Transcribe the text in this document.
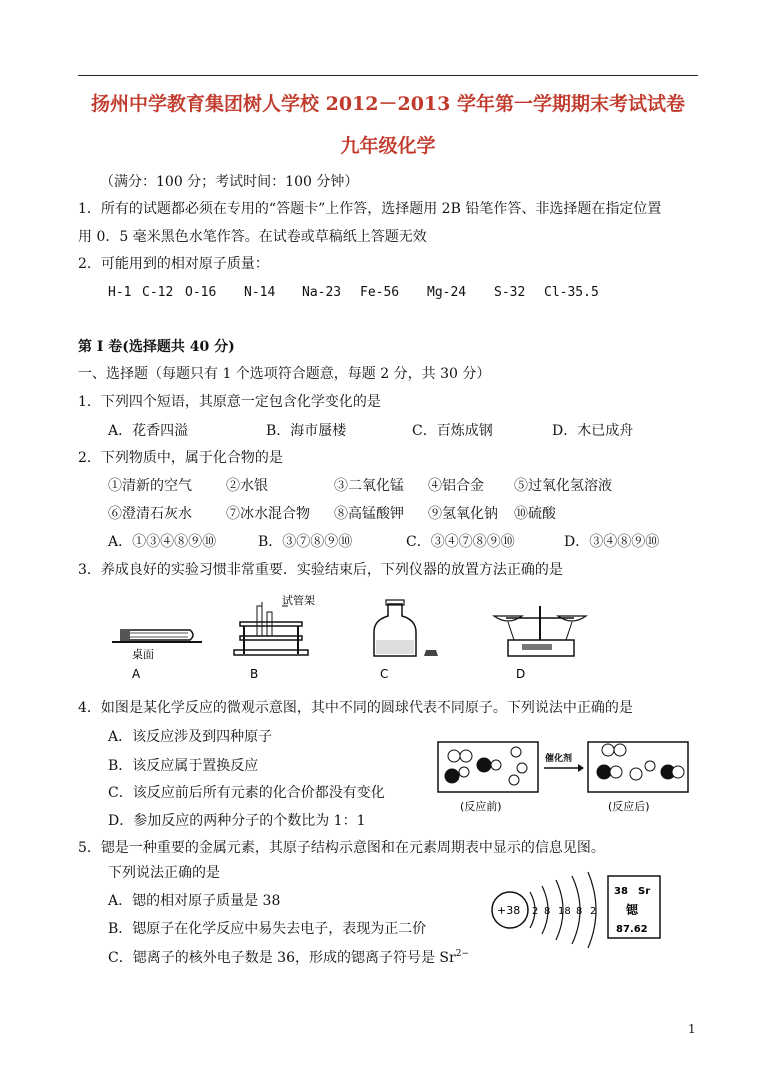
扬州中学教育集团树人学校 2012－2013 学年第一学期期末考试试卷
九年级化学
（满分：100 分；考试时间：100 分钟）
1．所有的试题都必须在专用的“答题卡”上作答，选择题用 2B 铅笔作答、非选择题在指定位置
用 0．5 毫米黑色水笔作答。在试卷或草稿纸上答题无效
2．可能用到的相对原子质量：
H-1 C-12 O-16 N-14 Na-23 Fe-56 Mg-24 S-32 Cl-35.5
第 I 卷(选择题共 40 分)
一、选择题（每题只有 1 个选项符合题意，每题 2 分，共 30 分）
1．下列四个短语，其原意一定包含化学变化的是
A．花香四溢	B．海市蜃楼	C．百炼成钢	D．木已成舟
2．下列物质中，属于化合物的是
①清新的空气 ②水银	③二氧化锰 ④铝合金 ⑤过氧化氢溶液
⑥澄清石灰水 ⑦冰水混合物 ⑧高锰酸钾 ⑨氢氧化钠 ⑩硫酸
A．①③④⑧⑨⑩	B．③⑦⑧⑨⑩	C．③④⑦⑧⑨⑩	D．③④⑧⑨⑩
3．养成良好的实验习惯非常重要．实验结束后，下列仪器的放置方法正确的是
桌面
A
试管架
B	C	D
4．如图是某化学反应的微观示意图，其中不同的圆球代表不同原子。下列说法中正确的是
A．该反应涉及到四种原子
B．该反应属于置换反应
C．该反应前后所有元素的化合价都没有变化
D．参加反应的两种分子的个数比为 1：1
催化剂
(反应前)	(反应后)
5．锶是一种重要的金属元素，其原子结构示意图和在元素周期表中显示的信息见图。
下列说法正确的是
A．锶的相对原子质量是 38
B．锶原子在化学反应中易失去电子，表现为正二价
C．锶离子的核外电子数是 36，形成的锶离子符号是 $Sr^{2-}$
+38 2 8 18 8 2
38 Sr
锶
87.62
1
